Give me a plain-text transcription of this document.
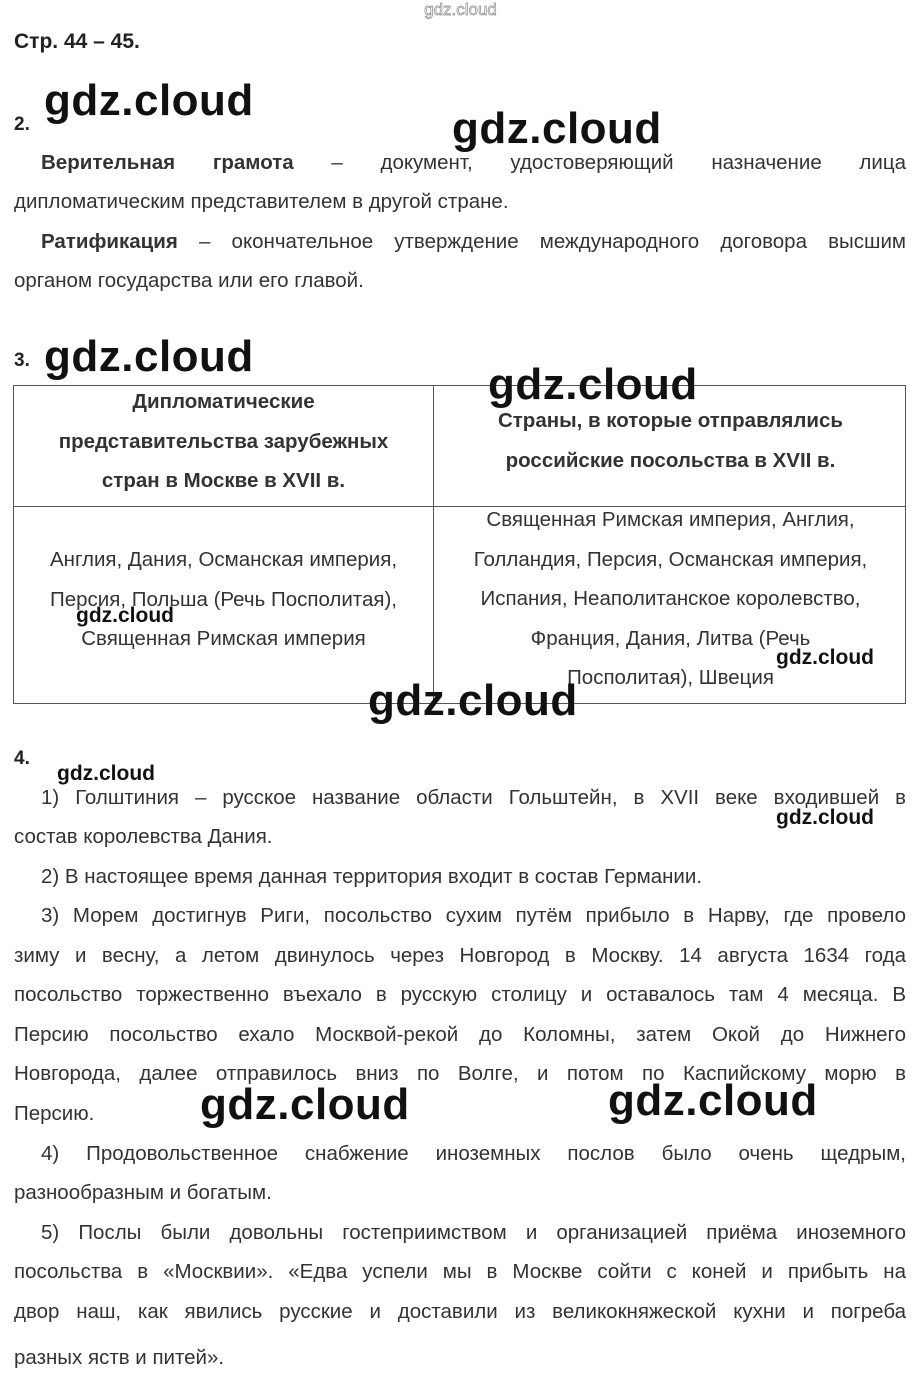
gdz.cloud
Стр. 44 – 45.
2. gdz.cloud
gdz.cloud
Верительная грамота – документ, удостоверяющий назначение лица
дипломатическим представителем в другой стране.
Ратификация – окончательное утверждение международного договора высшим
органом государства или его главой.
3. gdz.cloud
Дипломатические
представительства зарубежных
стран в Москве в XVII в.
Страны, в которые отправлялись
российские посольства в XVII в.
Англия, Дания, Османская империя,
Персия, Польша (Речь Посполитая),
Священная Римская империя
Священная Римская империя, Англия,
Голландия, Персия, Османская империя,
Испания, Неаполитанское королевство,
Франция, Дания, Литва (Речь
Посполитая), Швеция
gdz.cloud
gdz.cloud
gdz.cloud
gdz.cloud
4.
gdz.cloud
gdz.cloud
1) Голштиния – русское название области Гольштейн, в XVII веке входившей в
состав королевства Дания.
2) В настоящее время данная территория входит в состав Германии.
3) Морем достигнув Риги, посольство сухим путём прибыло в Нарву, где провело
зиму и весну, а летом двинулось через Новгород в Москву. 14 августа 1634 года
посольство торжественно въехало в русскую столицу и оставалось там 4 месяца. В
Персию посольство ехало Москвой-рекой до Коломны, затем Окой до Нижнего
Новгорода, далее отправилось вниз по Волге, и потом по Каспийскому морю в
Персию.	gdz.cloud	gdz.cloud
4) Продовольственное снабжение иноземных послов было очень щедрым,
разнообразным и богатым.
5) Послы были довольны гостеприимством и организацией приёма иноземного
посольства в «Москвии». «Едва успели мы в Москве сойти с коней и прибыть на
двор наш, как явились русские и доставили из великокняжеской кухни и погреба
разных яств и питей».
